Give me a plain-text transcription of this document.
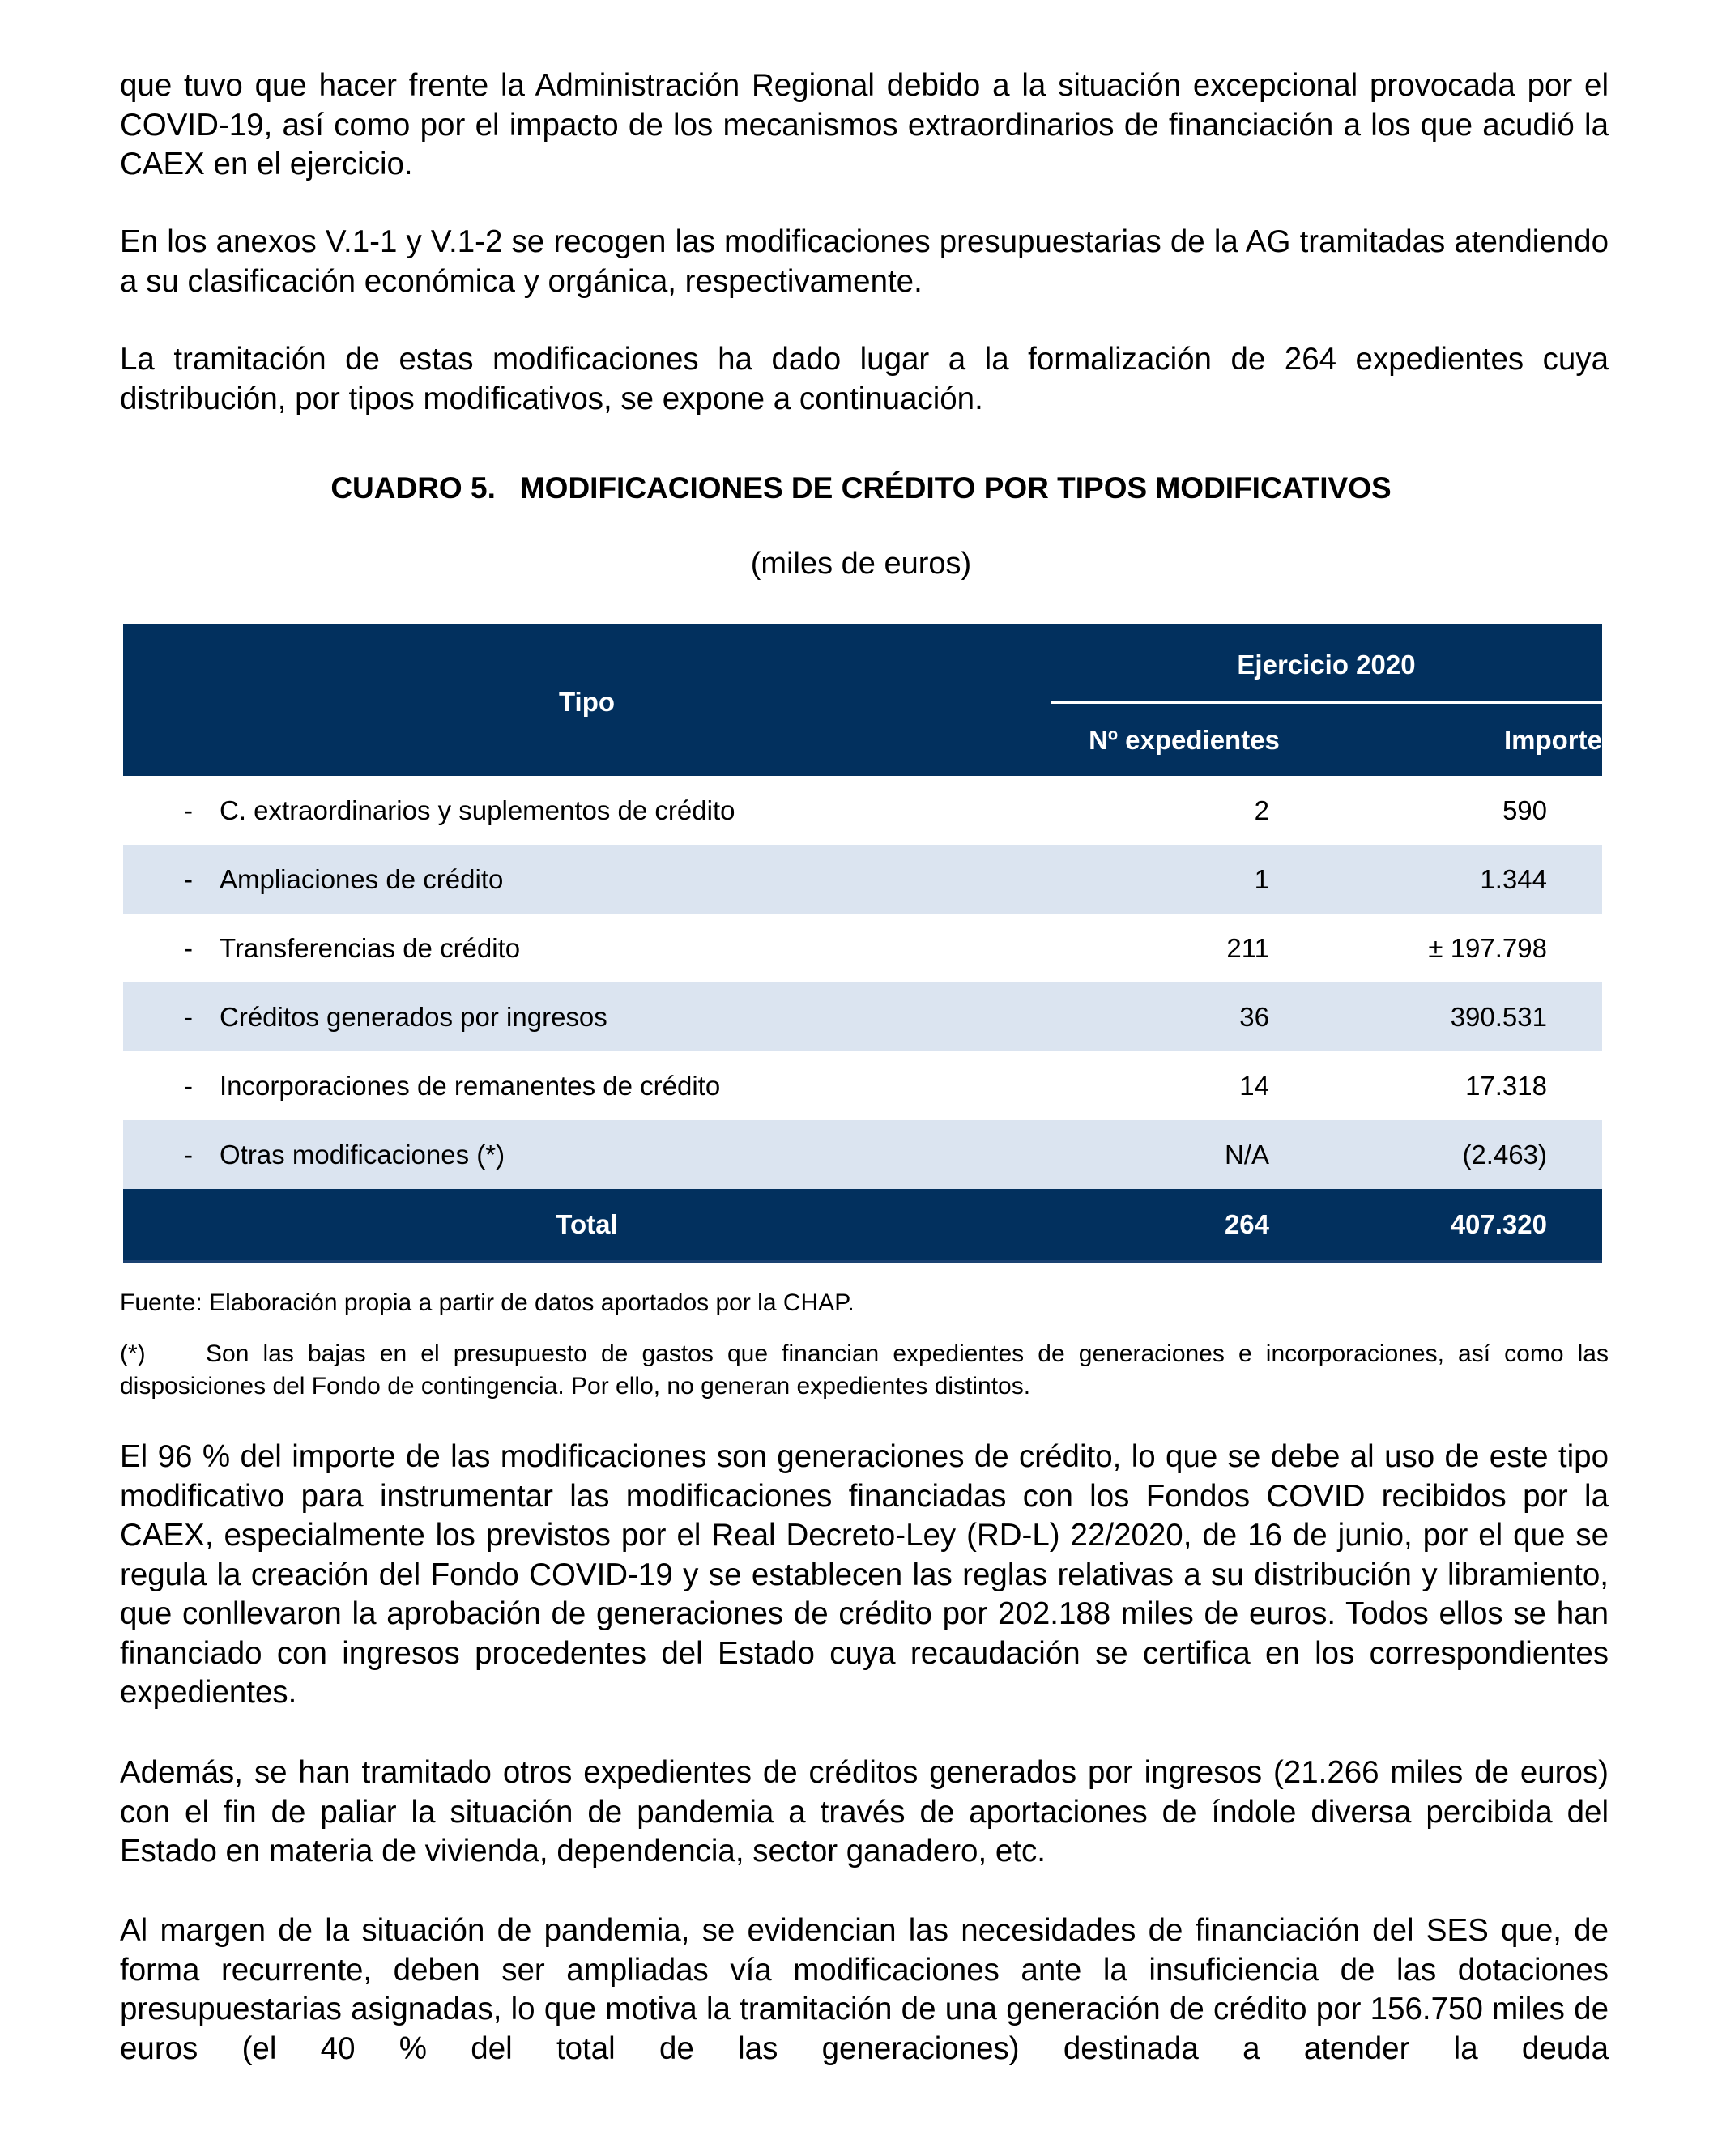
que tuvo que hacer frente la Administración Regional debido a la situación excepcional provocada por el COVID-19, así como por el impacto de los mecanismos extraordinarios de financiación a los que acudió la CAEX en el ejercicio.

En los anexos V.1-1 y V.1-2 se recogen las modificaciones presupuestarias de la AG tramitadas atendiendo a su clasificación económica y orgánica, respectivamente.

La tramitación de estas modificaciones ha dado lugar a la formalización de 264 expedientes cuya distribución, por tipos modificativos, se expone a continuación.

CUADRO 5. MODIFICACIONES DE CRÉDITO POR TIPOS MODIFICATIVOS

(miles de euros)

Tipo	Ejercicio 2020	
	Nº expedientes	Importe
- C. extraordinarios y suplementos de crédito	2	590
- Ampliaciones de crédito	1	1.344
- Transferencias de crédito	211	± 197.798
- Créditos generados por ingresos	36	390.531
- Incorporaciones de remanentes de crédito	14	17.318
- Otras modificaciones (*)	N/A	(2.463)
Total	264	407.320

Fuente: Elaboración propia a partir de datos aportados por la CHAP.

(*) Son las bajas en el presupuesto de gastos que financian expedientes de generaciones e incorporaciones, así como las disposiciones del Fondo de contingencia. Por ello, no generan expedientes distintos.

El 96 % del importe de las modificaciones son generaciones de crédito, lo que se debe al uso de este tipo modificativo para instrumentar las modificaciones financiadas con los Fondos COVID recibidos por la CAEX, especialmente los previstos por el Real Decreto-Ley (RD-L) 22/2020, de 16 de junio, por el que se regula la creación del Fondo COVID-19 y se establecen las reglas relativas a su distribución y libramiento, que conllevaron la aprobación de generaciones de crédito por 202.188 miles de euros. Todos ellos se han financiado con ingresos procedentes del Estado cuya recaudación se certifica en los correspondientes expedientes.

Además, se han tramitado otros expedientes de créditos generados por ingresos (21.266 miles de euros) con el fin de paliar la situación de pandemia a través de aportaciones de índole diversa percibida del Estado en materia de vivienda, dependencia, sector ganadero, etc.

Al margen de la situación de pandemia, se evidencian las necesidades de financiación del SES que, de forma recurrente, deben ser ampliadas vía modificaciones ante la insuficiencia de las dotaciones presupuestarias asignadas, lo que motiva la tramitación de una generación de crédito por 156.750 miles de euros (el 40 % del total de las generaciones) destinada a atender la deuda
